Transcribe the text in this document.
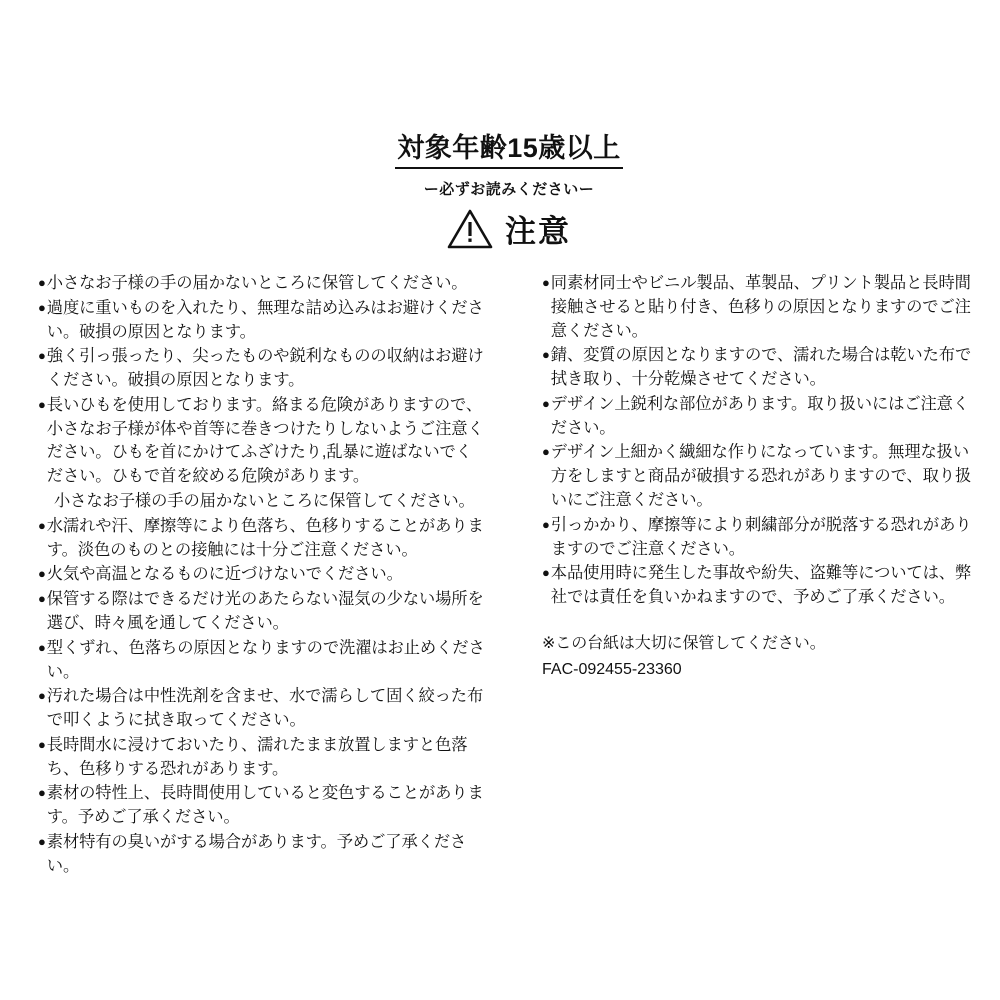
対象年齢15歳以上
ー必ずお読みくださいー
注意
● 小さなお子様の手の届かないところに保管してください。
● 過度に重いものを入れたり、無理な詰め込みはお避けください。破損の原因となります。
● 強く引っ張ったり、尖ったものや鋭利なものの収納はお避けください。破損の原因となります。
● 長いひもを使用しております。絡まる危険がありますので、小さなお子様が体や首等に巻きつけたりしないようご注意ください。ひもを首にかけてふざけたり,乱暴に遊ばないでください。ひもで首を絞める危険があります。
小さなお子様の手の届かないところに保管してください。
● 水濡れや汗、摩擦等により色落ち、色移りすることがあります。淡色のものとの接触には十分ご注意ください。
● 火気や高温となるものに近づけないでください。
● 保管する際はできるだけ光のあたらない湿気の少ない場所を選び、時々風を通してください。
● 型くずれ、色落ちの原因となりますので洗濯はお止めください。
● 汚れた場合は中性洗剤を含ませ、水で濡らして固く絞った布で叩くように拭き取ってください。
● 長時間水に浸けておいたり、濡れたまま放置しますと色落ち、色移りする恐れがあります。
● 素材の特性上、長時間使用していると変色することがあります。予めご了承ください。
● 素材特有の臭いがする場合があります。予めご了承ください。
● 同素材同士やビニル製品、革製品、プリント製品と長時間接触させると貼り付き、色移りの原因となりますのでご注意ください。
● 錆、変質の原因となりますので、濡れた場合は乾いた布で拭き取り、十分乾燥させてください。
● デザイン上鋭利な部位があります。取り扱いにはご注意ください。
● デザイン上細かく繊細な作りになっています。無理な扱い方をしますと商品が破損する恐れがありますので、取り扱いにご注意ください。
● 引っかかり、摩擦等により刺繍部分が脱落する恐れがありますのでご注意ください。
● 本品使用時に発生した事故や紛失、盗難等については、弊社では責任を負いかねますので、予めご了承ください。
※この台紙は大切に保管してください。
FAC-092455-23360
